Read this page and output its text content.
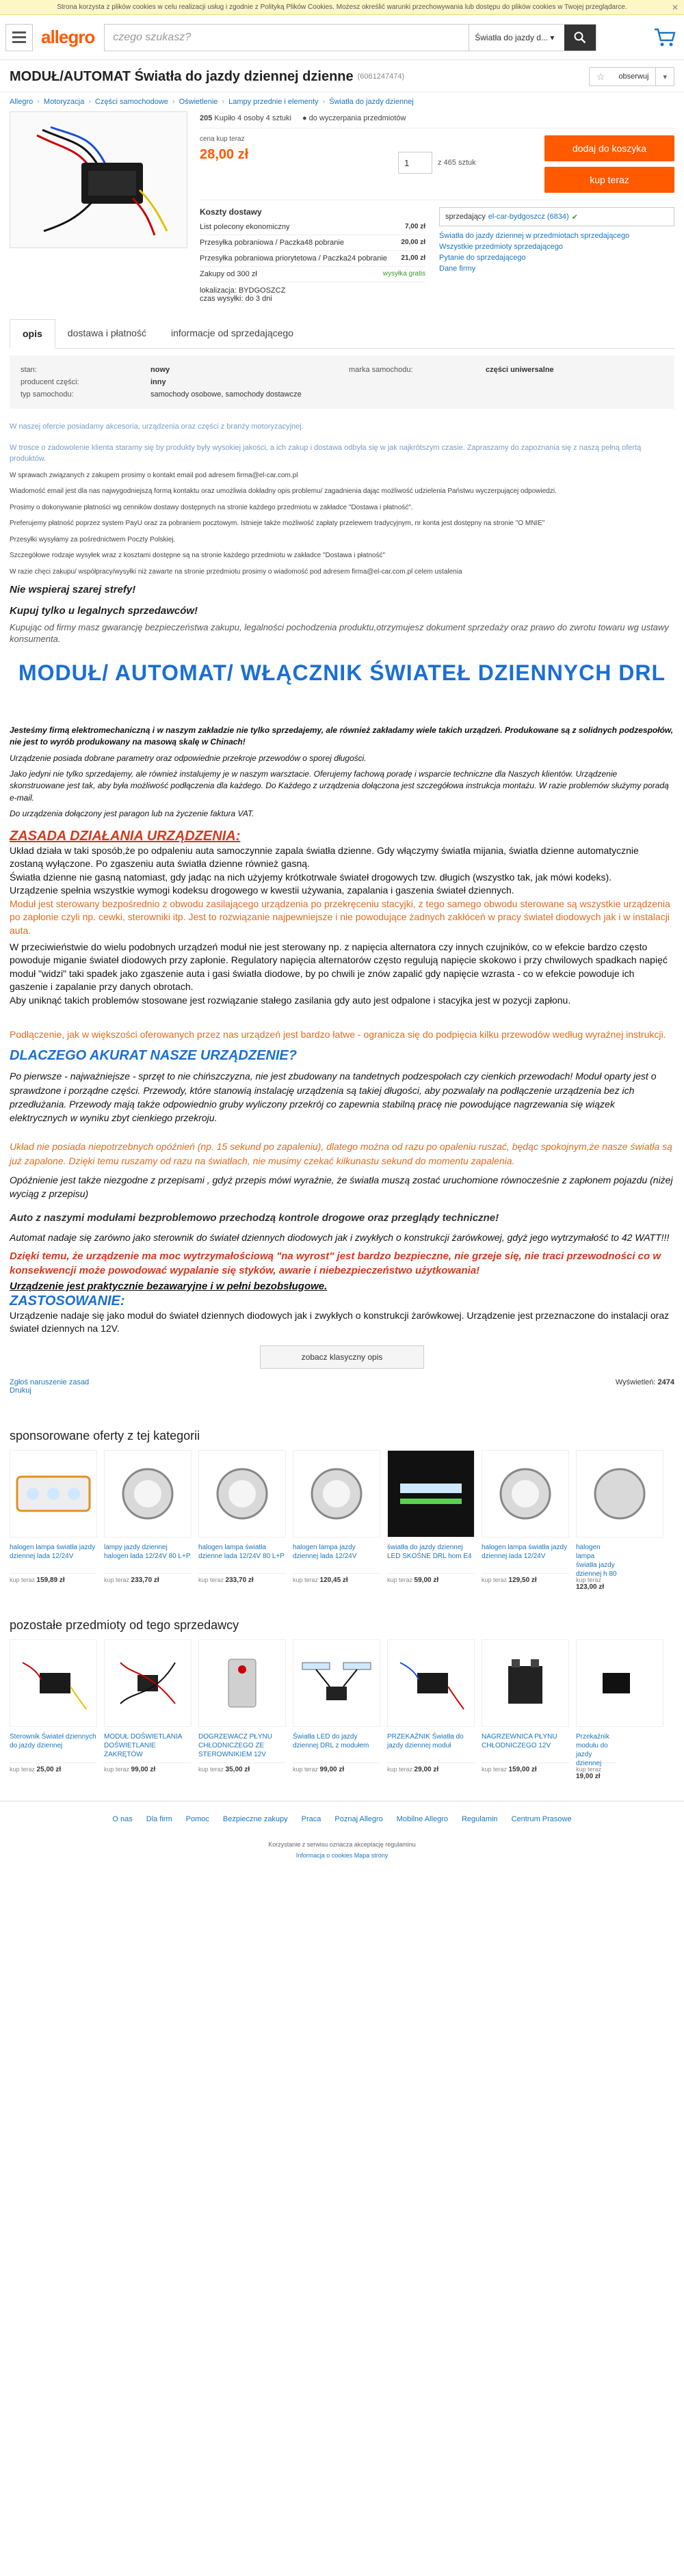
Strona korzysta z plików cookies w celu realizacji usług i zgodnie z Polityką Plików Cookies. Możesz określić warunki przechowywania lub dostępu do plików cookies w Twojej przeglądarce.	✕
allegro	czego szukasz?	Światła do jazdy d... ▾
MODUŁ/AUTOMAT Światła do jazdy dziennej dzienne (6061247474)	☆	obserwuj	▾
Allegro › Motoryzacja › Części samochodowe › Oświetlenie › Lampy przednie i elementy › Światła do jazdy dziennej
205 Kupiło 4 osoby 4 sztuki ● do wyczerpania przedmiotów
cena kup teraz
28,00 zł
1	z 465 sztuk
dodaj do koszyka
kup teraz
Koszty dostawy
List polecony ekonomiczny	7,00 zł
Przesyłka pobraniowa / Paczka48 pobranie	20,00 zł
Przesyłka pobraniowa priorytetowa / Paczka24 pobranie 21,00 zł
Zakupy od 300 zł	wysyłka gratis
lokalizacja: BYDGOSZCZ
czas wysyłki: do 3 dni
sprzedający el-car-bydgoszcz (6834) ✔
Światła do jazdy dziennej w przedmiotach sprzedającego
Wszystkie przedmioty sprzedającego
Pytanie do sprzedającego
Dane firmy
opis	dostawa i płatność	informacje od sprzedającego
stan:	nowy	marka samochodu:	części uniwersalne
producent części:	inny
typ samochodu:	samochody osobowe, samochody dostawcze
W naszej ofercie posiadamy akcesoria, urządzenia oraz części z branży motoryzacyjnej.
W trosce o zadowolenie klienta staramy się by produkty były wysokiej jakości, a ich zakup i dostawa odbyła się w jak najkrótszym czasie. Zapraszamy do zapoznania się z naszą pełną ofertą produktów.

W sprawach związanych z zakupem prosimy o kontakt email pod adresem firma@el-car.com.pl

Wiadomość email jest dla nas najwygodniejszą formą kontaktu oraz umożliwia dokładny opis problemu/ zagadnienia dając możliwość udzielenia Państwu wyczerpującej odpowiedzi.

Prosimy o dokonywanie płatności wg cenników dostawy dostępnych na stronie każdego przedmiotu w zakładce "Dostawa i płatność".

Preferujemy płatność poprzez system PayU oraz za pobraniem pocztowym. Istnieje także możliwość zapłaty przelewem tradycyjnym, nr konta jest dostępny na stronie "O MNIE"

Przesyłki wysyłamy za pośrednictwem Poczty Polskiej.

Szczegółowe rodzaje wysyłek wraz z kosztami dostępne są na stronie każdego przedmiotu w zakładce "Dostawa i płatność"

W razie chęci zakupu/ współpracy/wysyłki niż zawarte na stronie przedmiotu prosimy o wiadomość pod adresem firma@el-car.com.pl celem ustalenia

Nie wspieraj szarej strefy!
Kupuj tylko u legalnych sprzedawców!
Kupując od firmy masz gwarancję bezpieczeństwa zakupu, legalności pochodzenia produktu,otrzymujesz dokument sprzedaży oraz prawo do zwrotu towaru wg ustawy konsumenta.
MODUŁ/ AUTOMAT/ WŁĄCZNIK ŚWIATEŁ DZIENNYCH DRL

Jesteśmy firmą elektromechaniczną i w naszym zakładzie nie tylko sprzedajemy, ale również zakładamy wiele takich urządzeń. Produkowane są z solidnych podzespołów, nie jest to wyrób produkowany na masową skalę w Chinach!

Urządzenie posiada dobrane parametry oraz odpowiednie przekroje przewodów o sporej długości.

Jako jedyni nie tylko sprzedajemy, ale również instalujemy je w naszym warsztacie. Oferujemy fachową poradę i wsparcie techniczne dla Naszych klientów. Urządzenie skonstruowane jest tak, aby była możliwość podłączenia dla każdego. Do Każdego z urządzenia dołączona jest szczegółowa instrukcja montażu. W razie problemów służymy poradą e-mail.

Do urządzenia dołączony jest paragon lub na życzenie faktura VAT.

ZASADA DZIAŁANIA URZĄDZENIA:

Układ działa w taki sposób,że po odpaleniu auta samoczynnie zapala światła dzienne. Gdy włączymy światła mijania, światła dzienne automatycznie zostaną wyłączone. Po zgaszeniu auta światła dzienne również gasną.

Światła dzienne nie gasną natomiast, gdy jadąc na nich użyjemy krótkotrwale świateł drogowych tzw. długich (wszystko tak, jak mówi kodeks).

Urządzenie spełnia wszystkie wymogi kodeksu drogowego w kwestii używania, zapalania i gaszenia świateł dziennych.

Moduł jest sterowany bezpośrednio z obwodu zasilającego urządzenia po przekręceniu stacyjki, z tego samego obwodu sterowane są wszystkie urządzenia po zapłonie czyli np. cewki, sterowniki itp. Jest to rozwiązanie najpewniejsze i nie powodujące żadnych zakłóceń w pracy świateł diodowych jak i w instalacji auta.

W przeciwieństwie do wielu podobnych urządzeń moduł nie jest sterowany np. z napięcia alternatora czy innych czujników, co w efekcie bardzo często powoduje miganie świateł diodowych przy zapłonie. Regulatory napięcia alternatorów często regulują napięcie skokowo i przy chwilowych spadkach napięć moduł "widzi" taki spadek jako zgaszenie auta i gasi światła diodowe, by po chwili je znów zapalić gdy napięcie wzrasta - co w efekcie powoduje ich gaszenie i zapalanie przy danych obrotach.

Aby uniknąć takich problemów stosowane jest rozwiązanie stałego zasilania gdy auto jest odpalone i stacyjka jest w pozycji zapłonu.

Podłączenie, jak w większości oferowanych przez nas urządzeń jest bardzo łatwe - ogranicza się do podpięcia kilku przewodów według wyraźnej instrukcji.

DLACZEGO AKURAT NASZE URZĄDZENIE?

Po pierwsze - najważniejsze - sprzęt to nie chińszczyzna, nie jest zbudowany na tandetnych podzespołach czy cienkich przewodach! Moduł oparty jest o sprawdzone i porządne części. Przewody, które stanowią instalację urządzenia są takiej długości, aby pozwalały na podłączenie urządzenia bez ich przedłużania. Przewody mają także odpowiednio gruby wyliczony przekrój co zapewnia stabilną pracę nie powodujące nagrzewania się wiązek elektrycznych w wyniku zbyt cienkiego przekroju.

Układ nie posiada niepotrzebnych opóźnień (np. 15 sekund po zapaleniu), dlatego można od razu po opaleniu ruszać, będąc spokojnym,że nasze światła są już zapalone. Dzięki temu ruszamy od razu na światłach, nie musimy czekać kilkunastu sekund do momentu zapalenia.

Opóźnienie jest także niezgodne z przepisami , gdyż przepis mówi wyraźnie, że światła muszą zostać uruchomione równocześnie z zapłonem pojazdu (niżej wyciąg z przepisu)

Auto z naszymi modułami bezproblemowo przechodzą kontrole drogowe oraz przeglądy techniczne!
Automat nadaje się zarówno jako sterownik do świateł dziennych diodowych jak i zwykłych o konstrukcji żarówkowej, gdyż jego wytrzymałość to 42 WATT!!!
Dzięki temu, że urządzenie ma moc wytrzymałościową "na wyrost" jest bardzo bezpieczne, nie grzeje się, nie traci przewodności co w konsekwencji może powodować wypalanie się styków, awarie i niebezpieczeństwo użytkowania!
Urządzenie jest praktycznie bezawaryjne i w pełni bezobsługowe.
ZASTOSOWANIE:
Urządzenie nadaje się jako moduł do świateł dziennych diodowych jak i zwykłych o konstrukcji żarówkowej. Urządzenie jest przeznaczone do instalacji oraz świateł dziennych na 12V.
zobacz klasyczny opis
Zgłoś naruszenie zasad
Drukuj
Wyświetleń: 2474
sponsorowane oferty z tej kategorii
halogen lampa światła jazdy dziennej lada 12/24V
kup teraz 159,89 zł
lampy jazdy dziennej halogen lada 12/24V 80 L+P
kup teraz 233,70 zł
halogen lampa światła dzienne lada 12/24V 80 L+P
kup teraz 233,70 zł
halogen lampa jazdy dziennej lada 12/24V
kup teraz 120,45 zł
światła do jazdy dziennej LED SKOŚNE DRL hom E4
kup teraz 59,00 zł
halogen lampa światła jazdy dziennej lada 12/24V
kup teraz 129,50 zł
halogen lampa światła jazdy dziennej h 80
kup teraz 123,00 zł
pozostałe przedmioty od tego sprzedawcy
Sterownik Świateł dziennych do jazdy dziennej
kup teraz 25,00 zł
MODUŁ DOŚWIETLANIA DOŚWIETLANIE ZAKRĘTÓW
kup teraz 99,00 zł
DOGRZEWACZ PŁYNU CHŁODNICZEGO ZE STEROWNIKIEM 12V
kup teraz 35,00 zł
Światła LED do jazdy dziennej DRL z modułem
kup teraz 99,00 zł
PRZEKAŹNIK Światła do jazdy dziennej moduł
kup teraz 29,00 zł
NAGRZEWNICA PŁYNU CHŁODNICZEGO 12V
kup teraz 159,00 zł
Przekaźnik modułu do jazdy dziennej
kup teraz 19,00 zł
O nas Dla firm Pomoc Bezpieczne zakupy Praca Poznaj Allegro Mobilne Allegro Regulamin Centrum Prasowe
Korzystanie z serwisu oznacza akceptację regulaminu
Informacja o cookies Mapa strony
